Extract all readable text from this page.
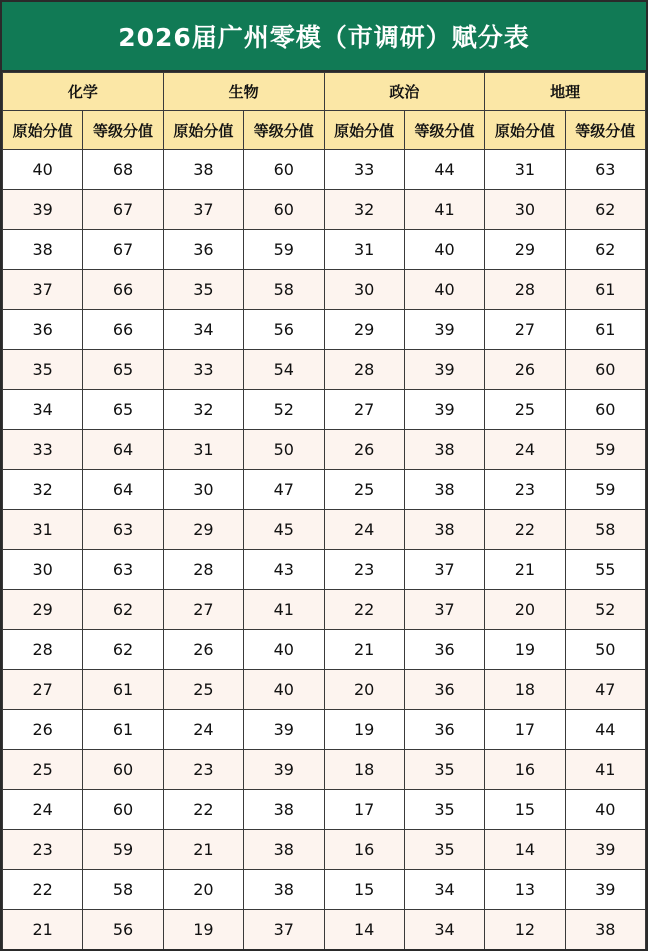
2026届广州零模（市调研）赋分表
化学		生物		政治		地理	
原始分值	等级分值	原始分值	等级分值	原始分值	等级分值	原始分值	等级分值
40	68	38	60	33	44	31	63
39	67	37	60	32	41	30	62
38	67	36	59	31	40	29	62
37	66	35	58	30	40	28	61
36	66	34	56	29	39	27	61
35	65	33	54	28	39	26	60
34	65	32	52	27	39	25	60
33	64	31	50	26	38	24	59
32	64	30	47	25	38	23	59
31	63	29	45	24	38	22	58
30	63	28	43	23	37	21	55
29	62	27	41	22	37	20	52
28	62	26	40	21	36	19	50
27	61	25	40	20	36	18	47
26	61	24	39	19	36	17	44
25	60	23	39	18	35	16	41
24	60	22	38	17	35	15	40
23	59	21	38	16	35	14	39
22	58	20	38	15	34	13	39
21	56	19	37	14	34	12	38
